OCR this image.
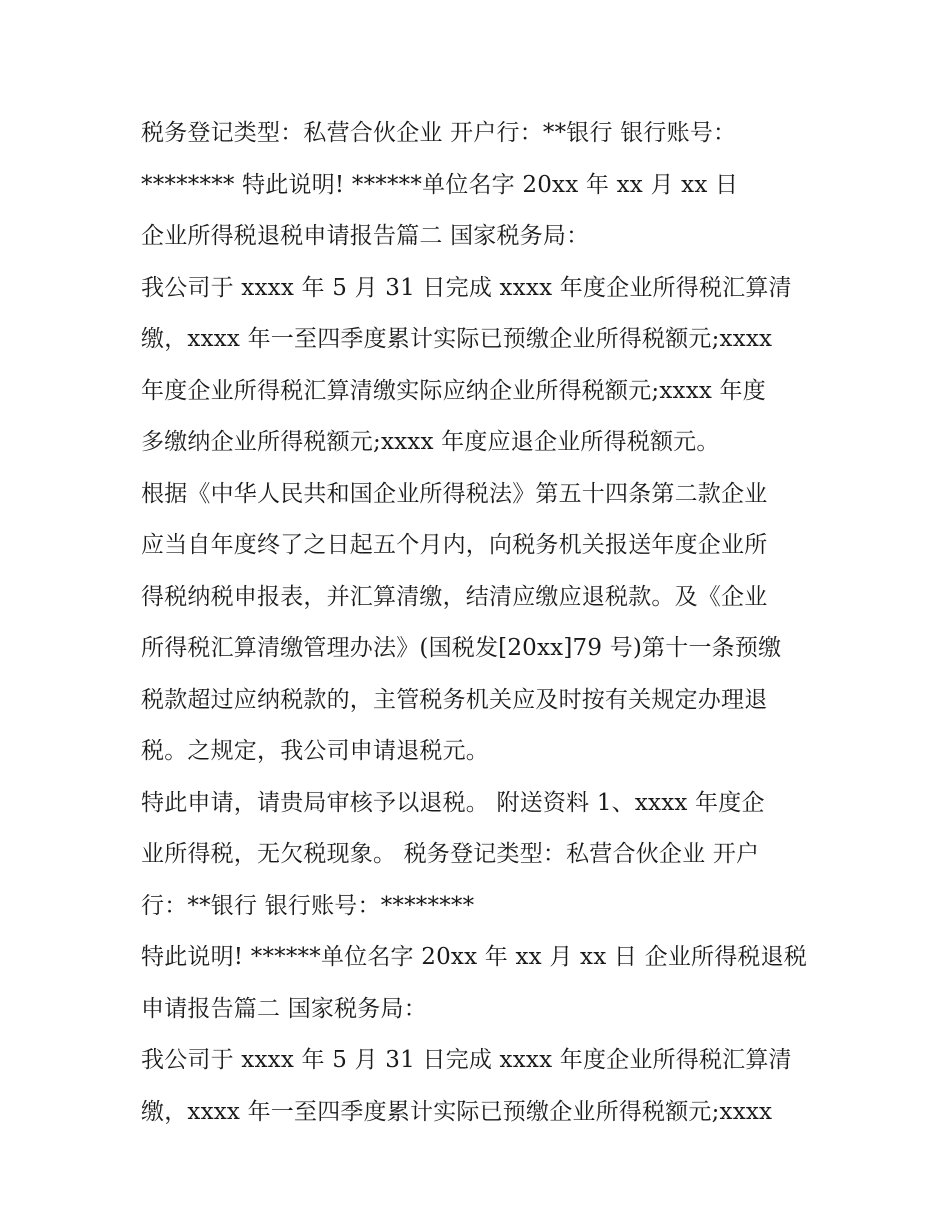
税务登记类型：私营合伙企业 开户行：**银行 银行账号：
******** 特此说明! ******单位名字 20xx 年 xx 月 xx 日
企业所得税退税申请报告篇二 国家税务局：
我公司于 xxxx 年 5 月 31 日完成 xxxx 年度企业所得税汇算清
缴，xxxx 年一至四季度累计实际已预缴企业所得税额元;xxxx
年度企业所得税汇算清缴实际应纳企业所得税额元;xxxx 年度
多缴纳企业所得税额元;xxxx 年度应退企业所得税额元。
根据《中华人民共和国企业所得税法》第五十四条第二款企业
应当自年度终了之日起五个月内，向税务机关报送年度企业所
得税纳税申报表，并汇算清缴，结清应缴应退税款。及《企业
所得税汇算清缴管理办法》(国税发[20xx]79 号)第十一条预缴
税款超过应纳税款的，主管税务机关应及时按有关规定办理退
税。之规定，我公司申请退税元。
特此申请，请贵局审核予以退税。 附送资料 1、xxxx 年度企
业所得税，无欠税现象。 税务登记类型：私营合伙企业 开户
行：**银行 银行账号：********
特此说明! ******单位名字 20xx 年 xx 月 xx 日 企业所得税退税
申请报告篇二 国家税务局：
我公司于 xxxx 年 5 月 31 日完成 xxxx 年度企业所得税汇算清
缴，xxxx 年一至四季度累计实际已预缴企业所得税额元;xxxx
